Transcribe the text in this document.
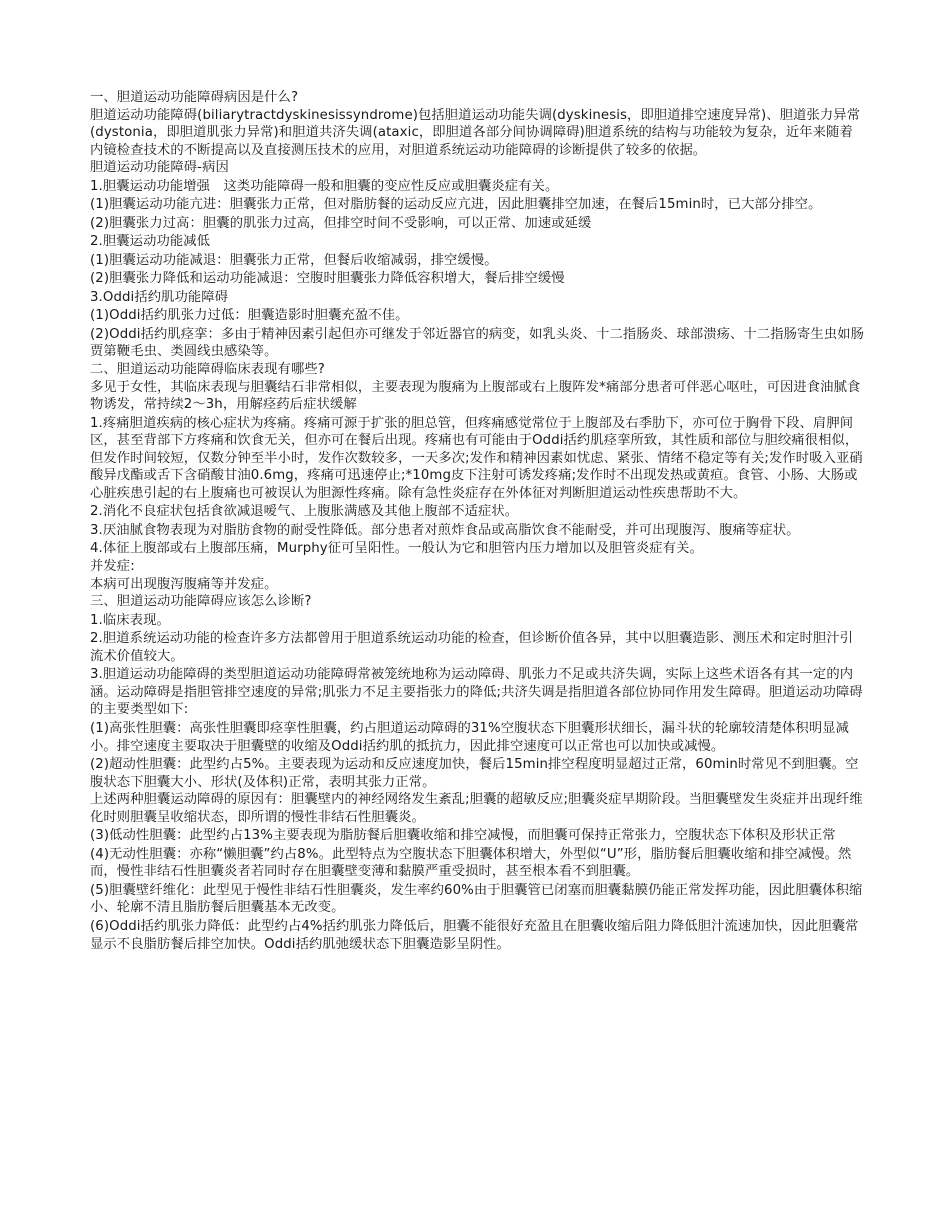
一、胆道运动功能障碍病因是什么?

胆道运动功能障碍(biliarytractdyskinesissyndrome)包括胆道运动功能失调(dyskinesis，即胆道排空速度异常)、胆道张力异常(dystonia，即胆道肌张力异常)和胆道共济失调(ataxic，即胆道各部分间协调障碍)胆道系统的结构与功能较为复杂，近年来随着内镜检查技术的不断提高以及直接测压技术的应用，对胆道系统运动功能障碍的诊断提供了较多的依据。

胆道运动功能障碍-病因

1.胆囊运动功能增强　这类功能障碍一般和胆囊的变应性反应或胆囊炎症有关。

(1)胆囊运动功能亢进：胆囊张力正常，但对脂肪餐的运动反应亢进，因此胆囊排空加速，在餐后15min时，已大部分排空。

(2)胆囊张力过高：胆囊的肌张力过高，但排空时间不受影响，可以正常、加速或延缓

2.胆囊运动功能减低

(1)胆囊运动功能减退：胆囊张力正常，但餐后收缩减弱，排空缓慢。

(2)胆囊张力降低和运动功能减退：空腹时胆囊张力降低容积增大，餐后排空缓慢

3.Oddi括约肌功能障碍

(1)Oddi括约肌张力过低：胆囊造影时胆囊充盈不佳。

(2)Oddi括约肌痉挛：多由于精神因素引起但亦可继发于邻近器官的病变，如乳头炎、十二指肠炎、球部溃疡、十二指肠寄生虫如肠贾第鞭毛虫、类圆线虫感染等。

二、胆道运动功能障碍临床表现有哪些?

多见于女性，其临床表现与胆囊结石非常相似，主要表现为腹痛为上腹部或右上腹阵发*痛部分患者可伴恶心呕吐，可因进食油腻食物诱发，常持续2～3h，用解痉药后症状缓解

1.疼痛胆道疾病的核心症状为疼痛。疼痛可源于扩张的胆总管，但疼痛感觉常位于上腹部及右季肋下，亦可位于胸骨下段、肩胛间区，甚至背部下方疼痛和饮食无关，但亦可在餐后出现。疼痛也有可能由于Oddi括约肌痉挛所致，其性质和部位与胆绞痛很相似，但发作时间较短，仅数分钟至半小时，发作次数较多，一天多次;发作和精神因素如忧虑、紧张、情绪不稳定等有关;发作时吸入亚硝酸异戊酯或舌下含硝酸甘油0.6mg，疼痛可迅速停止;*10mg皮下注射可诱发疼痛;发作时不出现发热或黄疸。食管、小肠、大肠或心脏疾患引起的右上腹痛也可被误认为胆源性疼痛。除有急性炎症存在外体征对判断胆道运动性疾患帮助不大。

2.消化不良症状包括食欲减退嗳气、上腹胀满感及其他上腹部不适症状。

3.厌油腻食物表现为对脂肪食物的耐受性降低。部分患者对煎炸食品或高脂饮食不能耐受，并可出现腹泻、腹痛等症状。

4.体征上腹部或右上腹部压痛，Murphy征可呈阳性。一般认为它和胆管内压力增加以及胆管炎症有关。

并发症:

本病可出现腹泻腹痛等并发症。

三、胆道运动功能障碍应该怎么诊断?

1.临床表现。

2.胆道系统运动功能的检查许多方法都曾用于胆道系统运动功能的检查，但诊断价值各异，其中以胆囊造影、测压术和定时胆汁引流术价值较大。

3.胆道运动功能障碍的类型胆道运动功能障碍常被笼统地称为运动障碍、肌张力不足或共济失调，实际上这些术语各有其一定的内涵。运动障碍是指胆管排空速度的异常;肌张力不足主要指张力的降低;共济失调是指胆道各部位协同作用发生障碍。胆道运动功障碍的主要类型如下:

(1)高张性胆囊：高张性胆囊即痉挛性胆囊，约占胆道运动障碍的31%空腹状态下胆囊形状细长，漏斗状的轮廓较清楚体积明显减小。排空速度主要取决于胆囊壁的收缩及Oddi括约肌的抵抗力，因此排空速度可以正常也可以加快或减慢。

(2)超动性胆囊：此型约占5%。主要表现为运动和反应速度加快，餐后15min排空程度明显超过正常，60min时常见不到胆囊。空腹状态下胆囊大小、形状(及体积)正常，表明其张力正常。

上述两种胆囊运动障碍的原因有：胆囊壁内的神经网络发生紊乱;胆囊的超敏反应;胆囊炎症早期阶段。当胆囊壁发生炎症并出现纤维化时则胆囊呈收缩状态，即所谓的慢性非结石性胆囊炎。

(3)低动性胆囊：此型约占13%主要表现为脂肪餐后胆囊收缩和排空减慢，而胆囊可保持正常张力，空腹状态下体积及形状正常

(4)无动性胆囊：亦称“懒胆囊”约占8%。此型特点为空腹状态下胆囊体积增大，外型似“U”形，脂肪餐后胆囊收缩和排空减慢。然而，慢性非结石性胆囊炎者若同时存在胆囊壁变薄和黏膜严重受损时，甚至根本看不到胆囊。

(5)胆囊壁纤维化：此型见于慢性非结石性胆囊炎，发生率约60%由于胆囊管已闭塞而胆囊黏膜仍能正常发挥功能，因此胆囊体积缩小、轮廓不清且脂肪餐后胆囊基本无改变。

(6)Oddi括约肌张力降低：此型约占4%括约肌张力降低后，胆囊不能很好充盈且在胆囊收缩后阻力降低胆汁流速加快，因此胆囊常显示不良脂肪餐后排空加快。Oddi括约肌弛缓状态下胆囊造影呈阴性。
